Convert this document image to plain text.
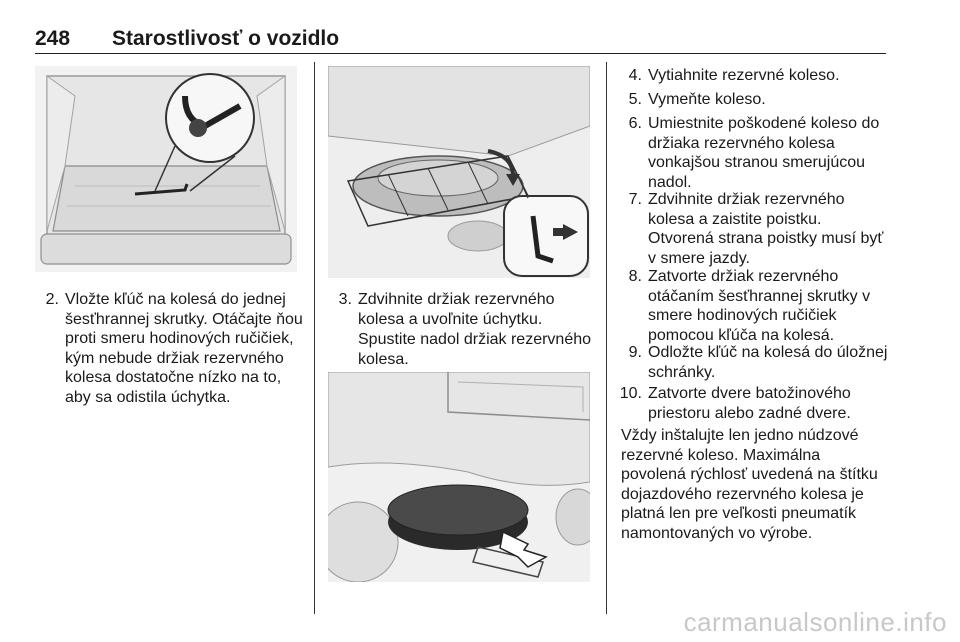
248 Starostlivosť o vozidlo
2. Vložte kľúč na kolesá do jednej
šesťhrannej skrutky. Otáčajte ňou
proti smeru hodinových ručičiek,
kým nebude držiak rezervného
kolesa dostatočne nízko na to,
aby sa odistila úchytka.
3. Zdvihnite držiak rezervného
kolesa a uvoľnite úchytku.
Spustite nadol držiak rezervného
kolesa.
4. Vytiahnite rezervné koleso.
5. Vymeňte koleso.
6. Umiestnite poškodené koleso do
držiaka rezervného kolesa
vonkajšou stranou smerujúcou
nadol.
7. Zdvihnite držiak rezervného
kolesa a zaistite poistku.
Otvorená strana poistky musí byť
v smere jazdy.
8. Zatvorte držiak rezervného
otáčaním šesťhrannej skrutky v
smere hodinových ručičiek
pomocou kľúča na kolesá.
9. Odložte kľúč na kolesá do úložnej
schránky.
10. Zatvorte dvere batožinového
priestoru alebo zadné dvere.
Vždy inštalujte len jedno núdzové
rezervné koleso. Maximálna
povolená rýchlosť uvedená na štítku
dojazdového rezervného kolesa je
platná len pre veľkosti pneumatík
namontovaných vo výrobe.
carmanualsonline.info
